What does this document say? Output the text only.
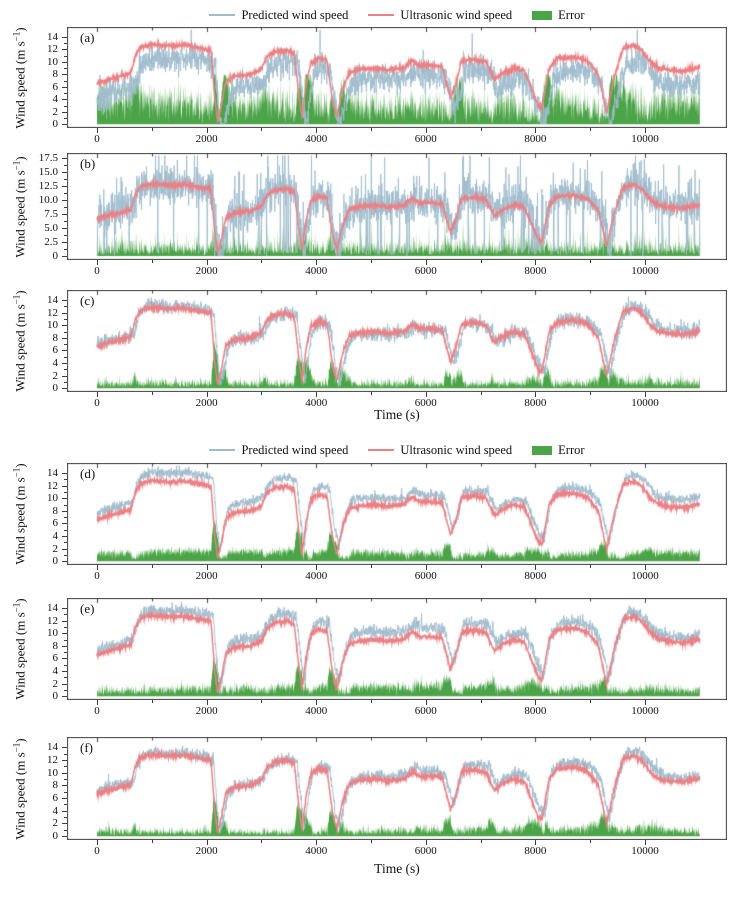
Predicted wind speed	Ultrasonic wind speed	Error
Wind speed (m $s^{-1}$)
0
2
4
6
8
10
12
14 (a)
0	2000	4000	6000	8000	10000
Wind speed (m $s^{-1}$)
0
2.5
5.0
7.5
10.0
12.5
15.0
17.5 (b)
0	2000	4000	6000	8000	10000
Wind speed (m $s^{-1}$)
0
2
4
6
8
10
12
14 (c)
0	2000	4000	6000	8000	10000
Time (s)
Predicted wind speed	Ultrasonic wind speed	Error
Wind speed (m $s^{-1}$)
0
2
4
6
8
10
12
14 (d)
0	2000	4000	6000	8000	10000
Wind speed (m $s^{-1}$)
0
2
4
6
8
10
12
14 (e)
0	2000	4000	6000	8000	10000
Wind speed (m $s^{-1}$)
0
2
4
6
8
10
12
14 (f)
0	2000	4000	6000	8000	10000
Time (s)
